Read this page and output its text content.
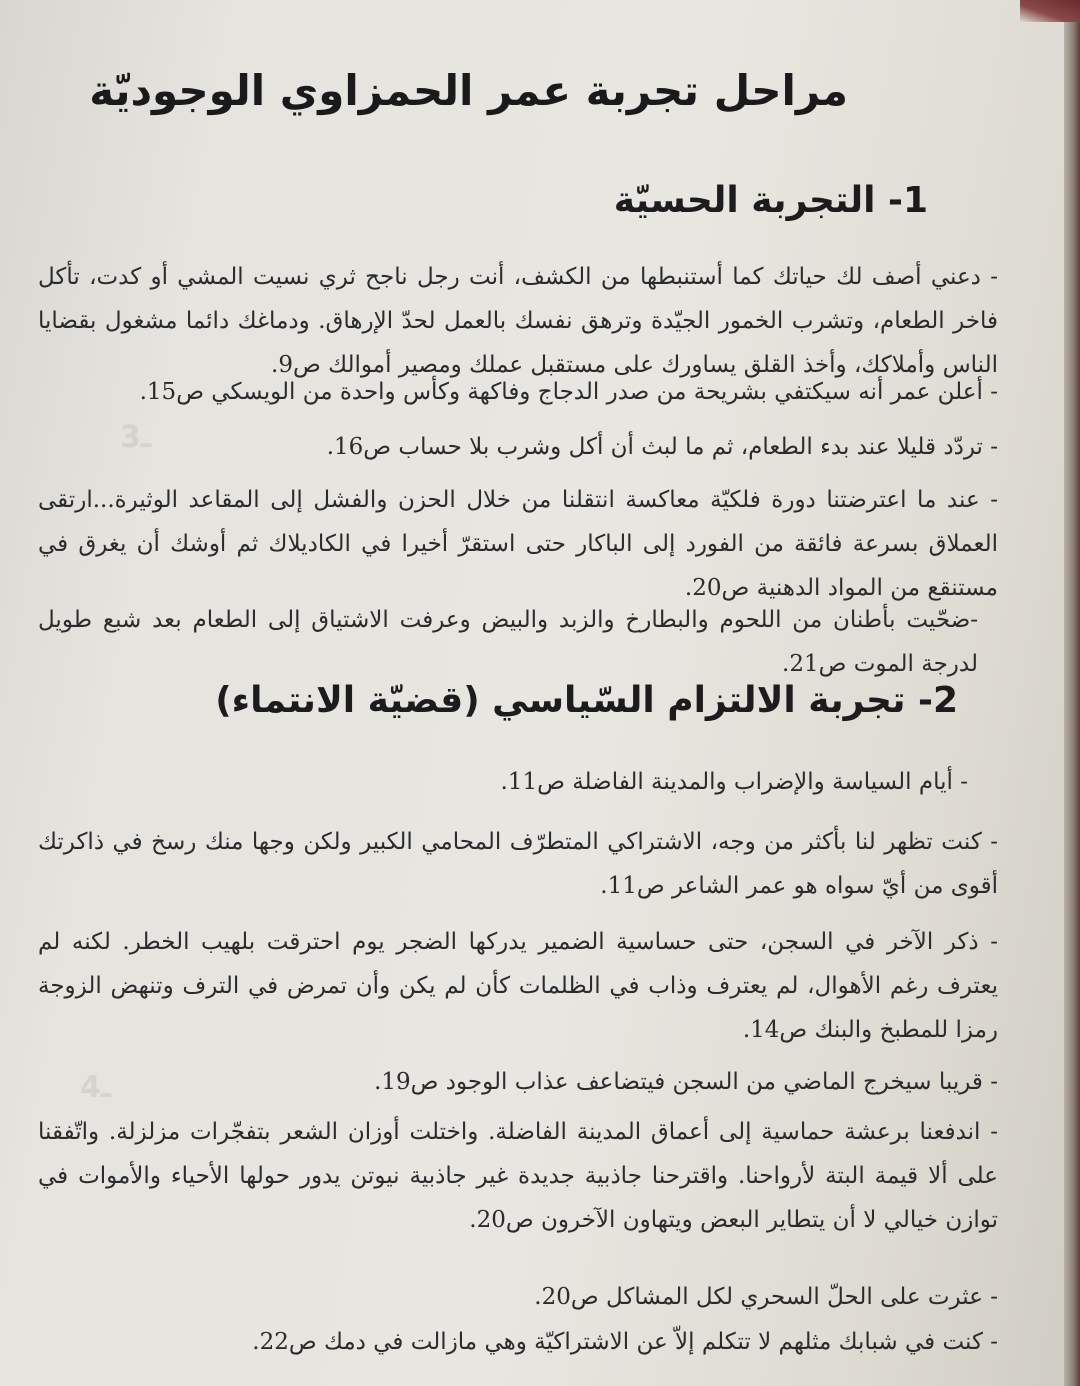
ـ3
ـ4
مراحل تجربة عمر الحمزاوي الوجوديّة
1- التجربة الحسيّة

- دعني أصف لك حياتك كما أستنبطها من الكشف، أنت رجل ناجح ثري نسيت المشي أو كدت، تأكل فاخر الطعام، وتشرب الخمور الجيّدة وترهق نفسك بالعمل لحدّ الإرهاق. ودماغك دائما مشغول بقضايا الناس وأملاكك، وأخذ القلق يساورك على مستقبل عملك ومصير أموالك ص9.

- أعلن عمر أنه سيكتفي بشريحة من صدر الدجاج وفاكهة وكأس واحدة من الويسكي ص15.

- تردّد قليلا عند بدء الطعام، ثم ما لبث أن أكل وشرب بلا حساب ص16.

- عند ما اعترضتنا دورة فلكيّة معاكسة انتقلنا من خلال الحزن والفشل إلى المقاعد الوثيرة...ارتقى العملاق بسرعة فائقة من الفورد إلى الباكار حتى استقرّ أخيرا في الكاديلاك ثم أوشك أن يغرق في مستنقع من المواد الدهنية ص20.

-ضحّيت بأطنان من اللحوم والبطارخ والزبد والبيض وعرفت الاشتياق إلى الطعام بعد شبع طويل لدرجة الموت ص21.

2- تجربة الالتزام السّياسي (قضيّة الانتماء)

- أيام السياسة والإضراب والمدينة الفاضلة ص11.

- كنت تظهر لنا بأكثر من وجه، الاشتراكي المتطرّف المحامي الكبير ولكن وجها منك رسخ في ذاكرتك أقوى من أيّ سواه هو عمر الشاعر ص11.

- ذكر الآخر في السجن، حتى حساسية الضمير يدركها الضجر يوم احترقت بلهيب الخطر. لكنه لم يعترف رغم الأهوال، لم يعترف وذاب في الظلمات كأن لم يكن وأن تمرض في الترف وتنهض الزوجة رمزا للمطبخ والبنك ص14.

- قريبا سيخرج الماضي من السجن فيتضاعف عذاب الوجود ص19.

- اندفعنا برعشة حماسية إلى أعماق المدينة الفاضلة. واختلت أوزان الشعر بتفجّرات مزلزلة. واتّفقنا على ألا قيمة البتة لأرواحنا. واقترحنا جاذبية جديدة غير جاذبية نيوتن يدور حولها الأحياء والأموات في توازن خيالي لا أن يتطاير البعض ويتهاون الآخرون ص20.

- عثرت على الحلّ السحري لكل المشاكل ص20.

- كنت في شبابك مثلهم لا تتكلم إلاّ عن الاشتراكيّة وهي مازالت في دمك ص22.
